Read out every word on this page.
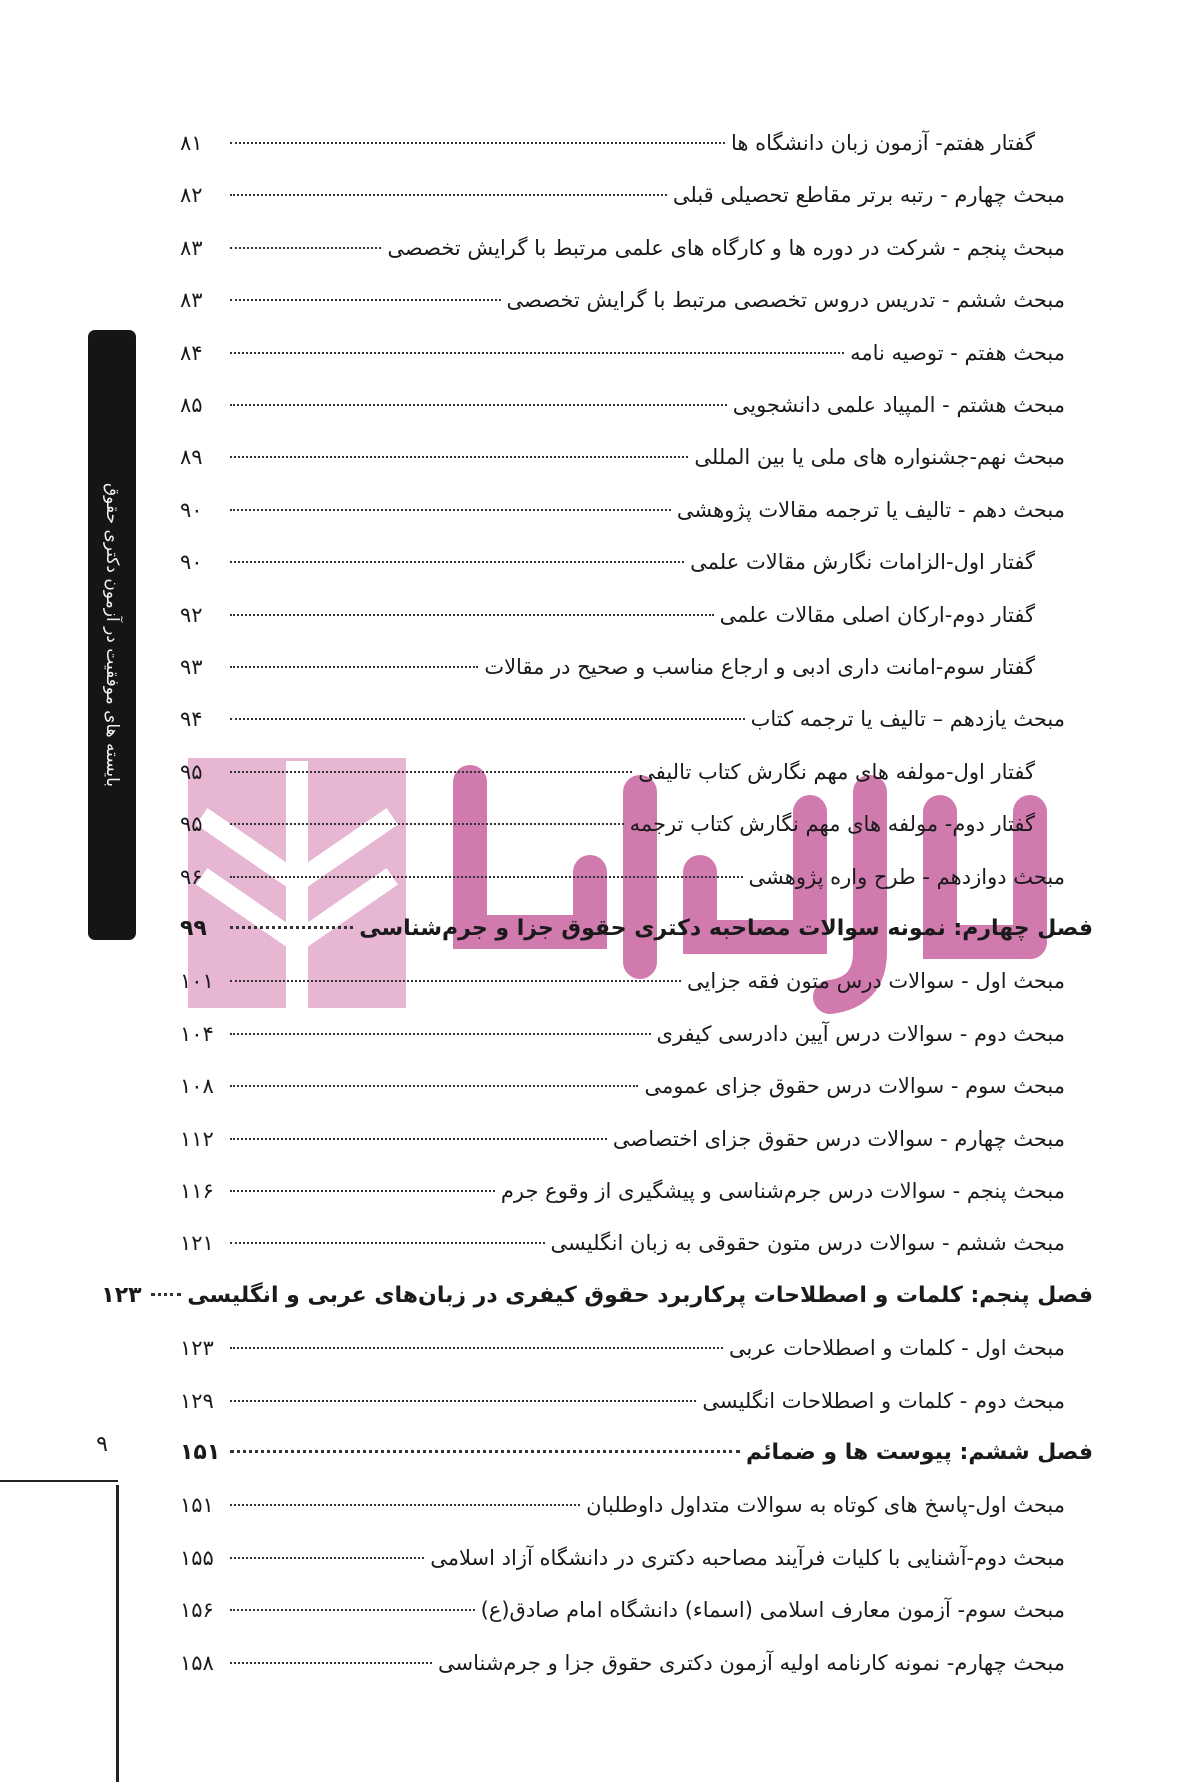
بایسته های موفقیت در آزمون دکتری حقوق
گفتار هفتم- آزمون زبان دانشگاه ها
۸۱
مبحث چهارم - رتبه برتر مقاطع تحصیلی قبلی
۸۲
مبحث پنجم - شرکت در دوره ها و کارگاه های علمی مرتبط با گرایش تخصصی
۸۳
مبحث ششم - تدریس دروس تخصصی مرتبط با گرایش تخصصی
۸۳
مبحث هفتم - توصیه نامه
۸۴
مبحث هشتم - المپیاد علمی دانشجویی
۸۵
مبحث نهم-جشنواره های ملی یا بین المللی
۸۹
مبحث دهم - تالیف یا ترجمه مقالات پژوهشی
۹۰
گفتار اول-الزامات نگارش مقالات علمی
۹۰
گفتار دوم-ارکان اصلی مقالات علمی
۹۲
گفتار سوم-امانت داری ادبی و ارجاع مناسب و صحیح در مقالات
۹۳
مبحث یازدهم – تالیف یا ترجمه کتاب
۹۴
گفتار اول-مولفه های مهم نگارش کتاب تالیفی
۹۵
گفتار دوم- مولفه های مهم نگارش کتاب ترجمه
۹۵
مبحث دوازدهم - طرح واره پژوهشی
۹۶
فصل چهارم: نمونه سوالات مصاحبه دکتری حقوق جزا و جرم‌شناسی
۹۹
مبحث اول - سوالات درس متون فقه جزایی
۱۰۱
مبحث دوم - سوالات درس آیین دادرسی کیفری
۱۰۴
مبحث سوم - سوالات درس حقوق جزای عمومی
۱۰۸
مبحث چهارم - سوالات درس حقوق جزای اختصاصی
۱۱۲
مبحث پنجم - سوالات درس جرم‌شناسی و پیشگیری از وقوع جرم
۱۱۶
مبحث ششم - سوالات درس متون حقوقی به زبان انگلیسی
۱۲۱
فصل پنجم: کلمات و اصطلاحات پرکاربرد حقوق کیفری در زبان‌های عربی و انگلیسی
۱۲۳
مبحث اول - کلمات و اصطلاحات عربی
۱۲۳
مبحث دوم - کلمات و اصطلاحات انگلیسی
۱۲۹
فصل ششم: پیوست ها و ضمائم
۱۵۱
مبحث اول-پاسخ های کوتاه به سوالات متداول داوطلبان
۱۵۱
مبحث دوم-آشنایی با کلیات فرآیند مصاحبه دکتری در دانشگاه آزاد اسلامی
۱۵۵
مبحث سوم- آزمون معارف اسلامی (اسماء) دانشگاه امام صادق(ع)
۱۵۶
مبحث چهارم- نمونه کارنامه اولیه آزمون دکتری حقوق جزا و جرم‌شناسی
۱۵۸
۹
